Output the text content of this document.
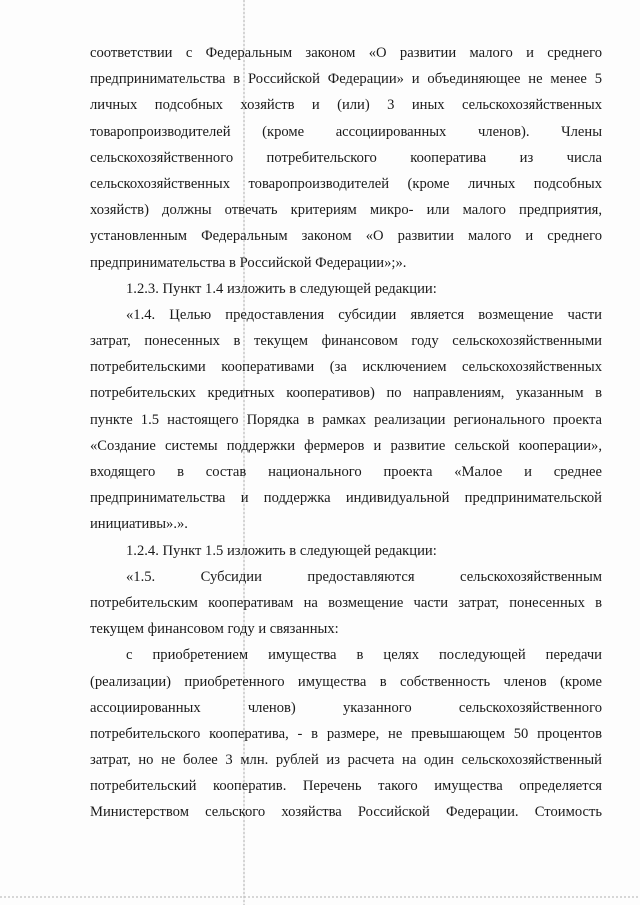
соответствии с Федеральным законом «О развитии малого и среднего
предпринимательства в Российской Федерации» и объединяющее не менее 5
личных подсобных хозяйств и (или) 3 иных сельскохозяйственных
товаропроизводителей (кроме ассоциированных членов). Члены
сельскохозяйственного потребительского кооператива из числа
сельскохозяйственных товаропроизводителей (кроме личных подсобных
хозяйств) должны отвечать критериям микро- или малого предприятия,
установленным Федеральным законом «О развитии малого и среднего
предпринимательства в Российской Федерации»;».
1.2.3. Пункт 1.4 изложить в следующей редакции:
«1.4. Целью предоставления субсидии является возмещение части
затрат, понесенных в текущем финансовом году сельскохозяйственными
потребительскими кооперативами (за исключением сельскохозяйственных
потребительских кредитных кооперативов) по направлениям, указанным в
пункте 1.5 настоящего Порядка в рамках реализации регионального проекта
«Создание системы поддержки фермеров и развитие сельской кооперации»,
входящего в состав национального проекта «Малое и среднее
предпринимательства и поддержка индивидуальной предпринимательской
инициативы».».
1.2.4. Пункт 1.5 изложить в следующей редакции:
«1.5. Субсидии предоставляются сельскохозяйственным
потребительским кооперативам на возмещение части затрат, понесенных в
текущем финансовом году и связанных:
с приобретением имущества в целях последующей передачи
(реализации) приобретенного имущества в собственность членов (кроме
ассоциированных членов) указанного сельскохозяйственного
потребительского кооператива, - в размере, не превышающем 50 процентов
затрат, но не более 3 млн. рублей из расчета на один сельскохозяйственный
потребительский кооператив. Перечень такого имущества определяется
Министерством сельского хозяйства Российской Федерации. Стоимость
